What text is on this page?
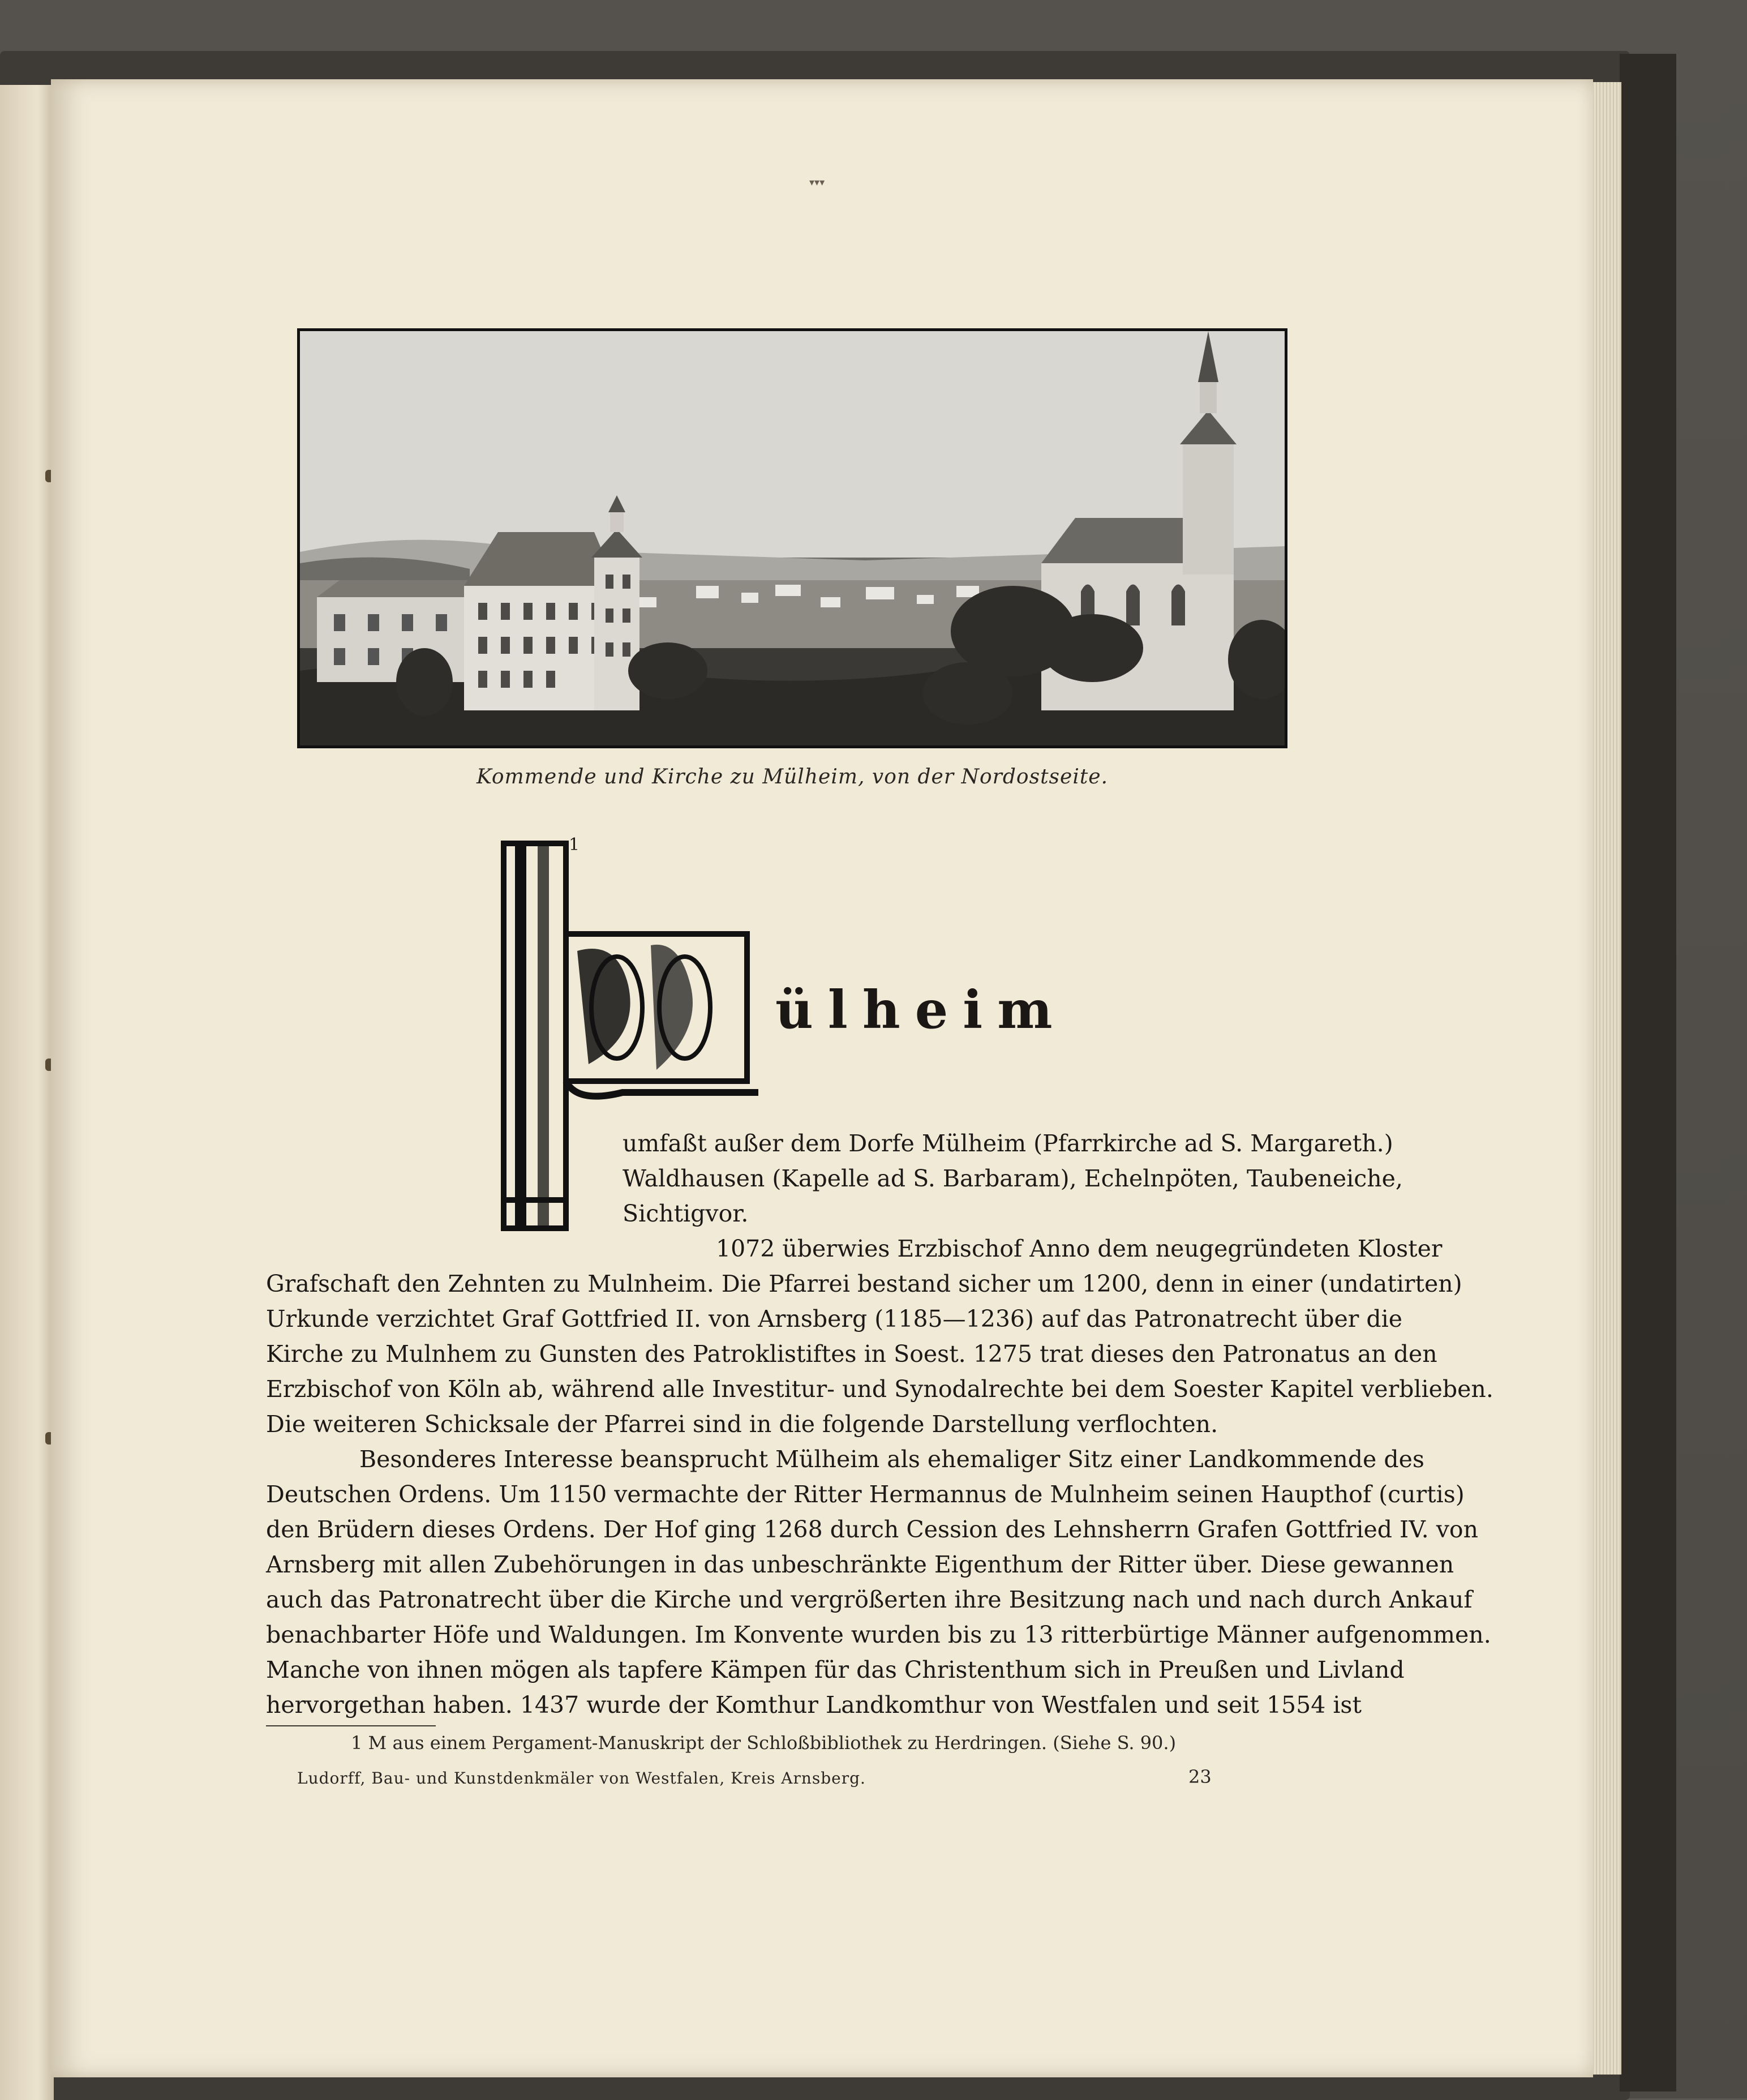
▾▾▾
Kommende und Kirche zu Mülheim, von der Nordostseite.
1
ülheim
umfaßt außer dem Dorfe Mülheim (Pfarrkirche ad S. Margareth.)
Waldhausen (Kapelle ad S. Barbaram), Echelnpöten, Taubeneiche,
Sichtigvor.
1072 überwies Erzbischof Anno dem neugegründeten Kloster
Grafschaft den Zehnten zu Mulnheim. Die Pfarrei bestand sicher um 1200, denn in einer (undatirten)
Urkunde verzichtet Graf Gottfried II. von Arnsberg (1185—1236) auf das Patronatrecht über die
Kirche zu Mulnhem zu Gunsten des Patroklistiftes in Soest. 1275 trat dieses den Patronatus an den
Erzbischof von Köln ab, während alle Investitur- und Synodalrechte bei dem Soester Kapitel verblieben.
Die weiteren Schicksale der Pfarrei sind in die folgende Darstellung verflochten.
Besonderes Interesse beansprucht Mülheim als ehemaliger Sitz einer Landkommende des
Deutschen Ordens. Um 1150 vermachte der Ritter Hermannus de Mulnheim seinen Haupthof (curtis)
den Brüdern dieses Ordens. Der Hof ging 1268 durch Cession des Lehnsherrn Grafen Gottfried IV. von
Arnsberg mit allen Zubehörungen in das unbeschränkte Eigenthum der Ritter über. Diese gewannen
auch das Patronatrecht über die Kirche und vergrößerten ihre Besitzung nach und nach durch Ankauf
benachbarter Höfe und Waldungen. Im Konvente wurden bis zu 13 ritterbürtige Männer aufgenommen.
Manche von ihnen mögen als tapfere Kämpen für das Christenthum sich in Preußen und Livland
hervorgethan haben. 1437 wurde der Komthur Landkomthur von Westfalen und seit 1554 ist
1 M aus einem Pergament-Manuskript der Schloßbibliothek zu Herdringen. (Siehe S. 90.)
Ludorff, Bau- und Kunstdenkmäler von Westfalen, Kreis Arnsberg.	23
